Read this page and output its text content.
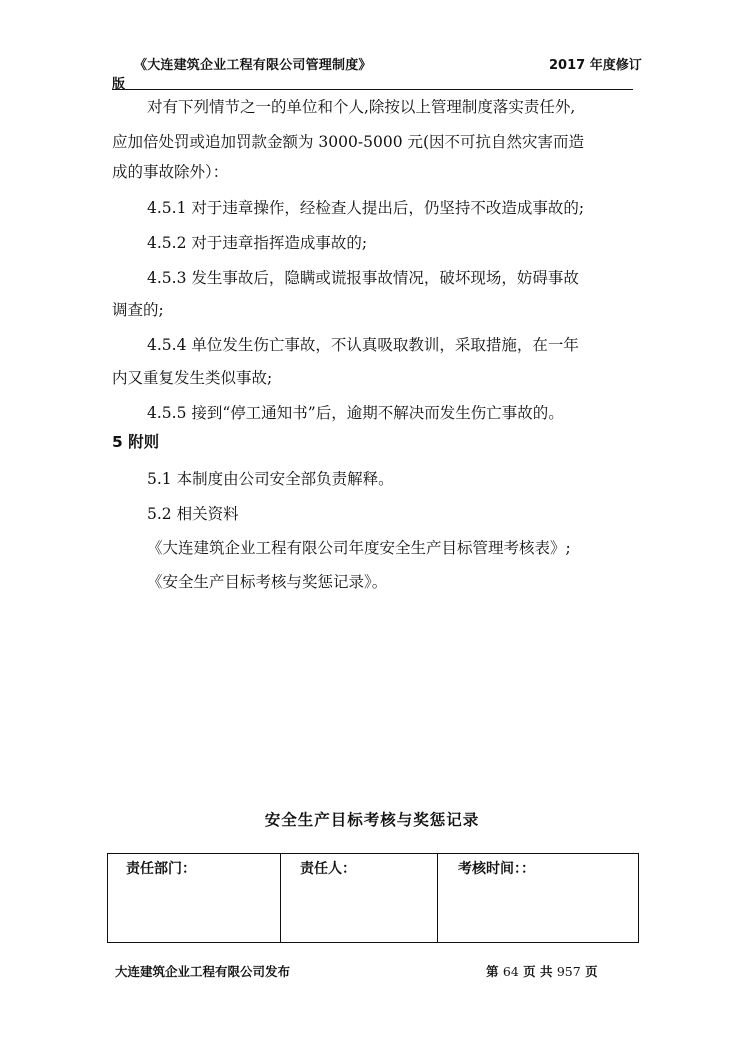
《大连建筑企业工程有限公司管理制度》	2017 年度修订
版
对有下列情节之一的单位和个人,除按以上管理制度落实责任外,
应加倍处罚或追加罚款金额为 3000-5000 元(因不可抗自然灾害而造
成的事故除外）：
4.5.1 对于违章操作，经检查人提出后，仍坚持不改造成事故的;
4.5.2 对于违章指挥造成事故的;
4.5.3 发生事故后，隐瞒或谎报事故情况，破坏现场，妨碍事故
调查的;
4.5.4 单位发生伤亡事故，不认真吸取教训，采取措施，在一年
内又重复发生类似事故;
4.5.5 接到“停工通知书”后，逾期不解决而发生伤亡事故的。
5 附则
5.1 本制度由公司安全部负责解释。
5.2 相关资料
《大连建筑企业工程有限公司年度安全生产目标管理考核表》;
《安全生产目标考核与奖惩记录》。
安全生产目标考核与奖惩记录
责任部门：	责任人：	考核时间：：
大连建筑企业工程有限公司发布	第 64 页 共 957 页
